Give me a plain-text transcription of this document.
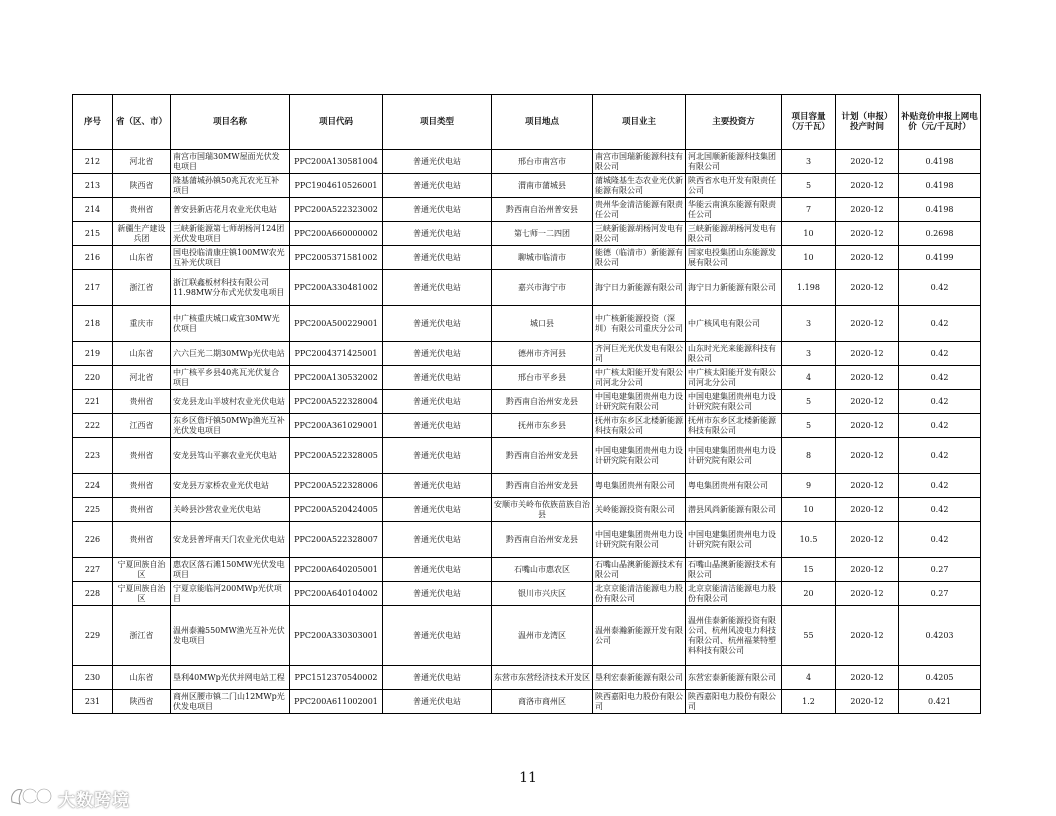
序号	省（区、市）	项目名称	项目代码	项目类型	项目地点	项目业主	主要投资方	项目容量（万千瓦）	计划（申报）投产时间	补贴竞价申报上网电价（元/千瓦时）
212	河北省	南宫市国瑞30MW屋面光伏发电项目	PPC200A130581004	普通光伏电站	邢台市南宫市	南宫市国瑞新能源科技有限公司	河北国顺新能源科技集团有限公司	3	2020-12	0.4198
213	陕西省	隆基蒲城孙镇50兆瓦农光互补项目	PPC1904610526001	普通光伏电站	渭南市蒲城县	蒲城隆基生态农业光伏新能源有限公司	陕西省水电开发有限责任公司	5	2020-12	0.4198
214	贵州省	普安县新店花月农业光伏电站	PPC200A522323002	普通光伏电站	黔西南自治州普安县	贵州华金清洁能源有限责任公司	华能云南滇东能源有限责任公司	7	2020-12	0.4198
215	新疆生产建设兵团	三峡新能源第七师胡杨河124团光伏发电项目	PPC200A660000002	普通光伏电站	第七师一二四团	三峡新能源胡杨河发电有限公司	三峡新能源胡杨河发电有限公司	10	2020-12	0.2698
216	山东省	国电投临清康庄镇100MW农光互补光伏项目	PPC2005371581002	普通光伏电站	聊城市临清市	能德（临清市）新能源有限公司	国家电投集团山东能源发展有限公司	10	2020-12	0.4199
217	浙江省	浙江联鑫板材科技有限公司11.98MW分布式光伏发电项目	PPC200A330481002	普通光伏电站	嘉兴市海宁市	海宁日力新能源有限公司	海宁日力新能源有限公司	1.198	2020-12	0.42
218	重庆市	中广核重庆城口咸宜30MW光伏项目	PPC200A500229001	普通光伏电站	城口县	中广核新能源投资（深圳）有限公司重庆分公司	中广核风电有限公司	3	2020-12	0.42
219	山东省	六六巨光二期30MWp光伏电站	PPC2004371425001	普通光伏电站	德州市齐河县	齐河巨光光伏发电有限公司	山东时光光来能源科技有限公司	3	2020-12	0.42
220	河北省	中广核平乡县40兆瓦光伏复合项目	PPC200A130532002	普通光伏电站	邢台市平乡县	中广核太阳能开发有限公司河北分公司	中广核太阳能开发有限公司河北分公司	4	2020-12	0.42
221	贵州省	安龙县龙山半坡村农业光伏电站	PPC200A522328004	普通光伏电站	黔西南自治州安龙县	中国电建集团贵州电力设计研究院有限公司	中国电建集团贵州电力设计研究院有限公司	5	2020-12	0.42
222	江西省	东乡区詹圩镇50MWp渔光互补光伏发电项目	PPC200A361029001	普通光伏电站	抚州市东乡县	抚州市东乡区北楼新能源科技有限公司	抚州市东乡区北楼新能源科技有限公司	5	2020-12	0.42
223	贵州省	安龙县笃山平寨农业光伏电站	PPC200A522328005	普通光伏电站	黔西南自治州安龙县	中国电建集团贵州电力设计研究院有限公司	中国电建集团贵州电力设计研究院有限公司	8	2020-12	0.42
224	贵州省	安龙县万家桥农业光伏电站	PPC200A522328006	普通光伏电站	黔西南自治州安龙县	粤电集团贵州有限公司	粤电集团贵州有限公司	9	2020-12	0.42
225	贵州省	关岭县沙营农业光伏电站	PPC200A520424005	普通光伏电站	安顺市关岭布依族苗族自治县	关岭能源投资有限公司	潜县风尚新能源有限公司	10	2020-12	0.42
226	贵州省	安龙县普坪南天门农业光伏电站	PPC200A522328007	普通光伏电站	黔西南自治州安龙县	中国电建集团贵州电力设计研究院有限公司	中国电建集团贵州电力设计研究院有限公司	10.5	2020-12	0.42
227	宁夏回族自治区	惠农区落石滩150MW光伏发电项目	PPC200A640205001	普通光伏电站	石嘴山市惠农区	石嘴山晶澳新能源技术有限公司	石嘴山晶澳新能源技术有限公司	15	2020-12	0.27
228	宁夏回族自治区	宁夏京能临河200MWp光伏项目	PPC200A640104002	普通光伏电站	银川市兴庆区	北京京能清洁能源电力股份有限公司	北京京能清洁能源电力股份有限公司	20	2020-12	0.27
229	浙江省	温州泰瀚550MW渔光互补光伏发电项目	PPC200A330303001	普通光伏电站	温州市龙湾区	温州泰瀚新能源开发有限公司	温州佳泰新能源投资有限公司、杭州风凌电力科技有限公司、杭州福莱特塑料科技有限公司	55	2020-12	0.4203
230	山东省	垦利40MWp光伏并网电站工程	PPC1512370540002	普通光伏电站	东营市东营经济技术开发区	垦利宏泰新能源有限公司	东营宏泰新能源有限公司	4	2020-12	0.4205
231	陕西省	商州区腰市镇二门山12MWp光伏发电项目	PPC200A611002001	普通光伏电站	商洛市商州区	陕西嘉阳电力股份有限公司	陕西嘉阳电力股份有限公司	1.2	2020-12	0.421
11
大数跨境
